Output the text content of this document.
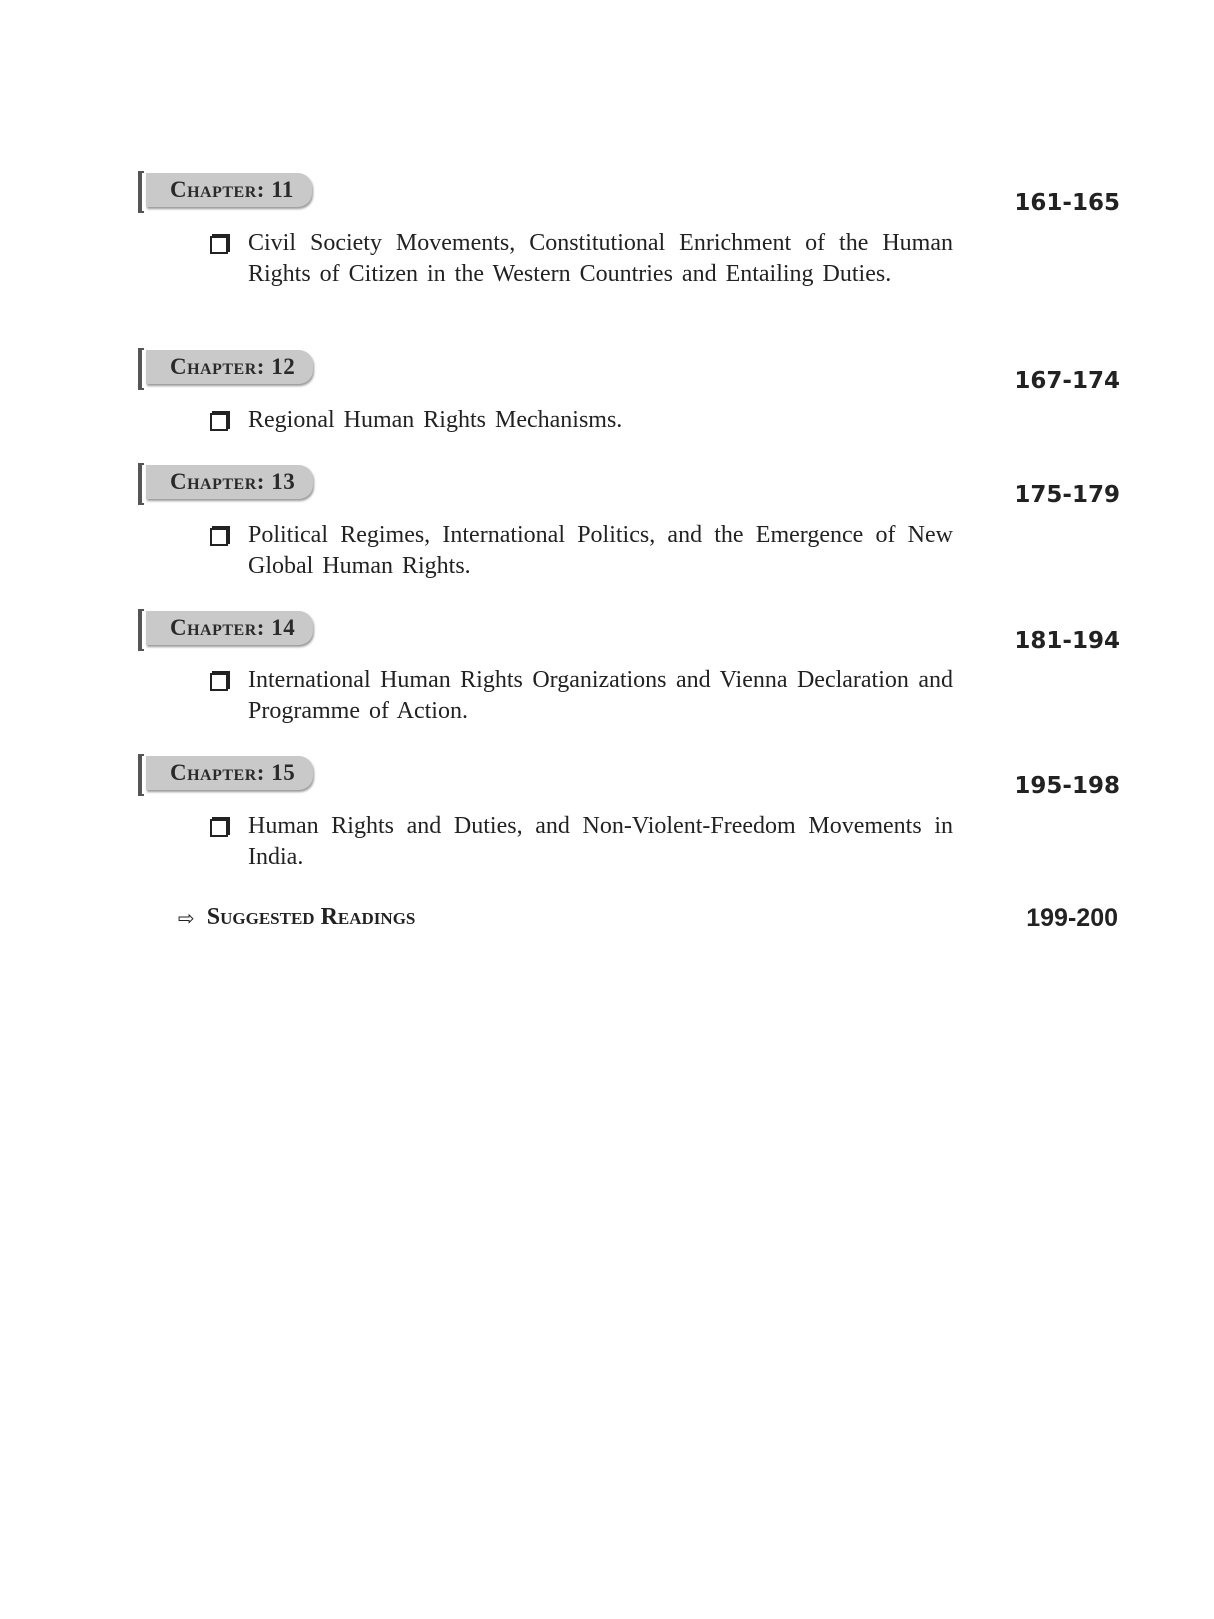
Chapter: 11
161-165
Civil Society Movements, Constitutional Enrichment of the Human Rights of Citizen in the Western Countries and Entailing Duties.
Chapter: 12
167-174
Regional Human Rights Mechanisms.
Chapter: 13
175-179
Political Regimes, International Politics, and the Emergence of New Global Human Rights.
Chapter: 14
181-194
International Human Rights Organizations and Vienna Declaration and Programme of Action.
Chapter: 15
195-198
Human Rights and Duties, and Non-Violent-Freedom Movements in India.
⇨ Suggested Readings	199-200
